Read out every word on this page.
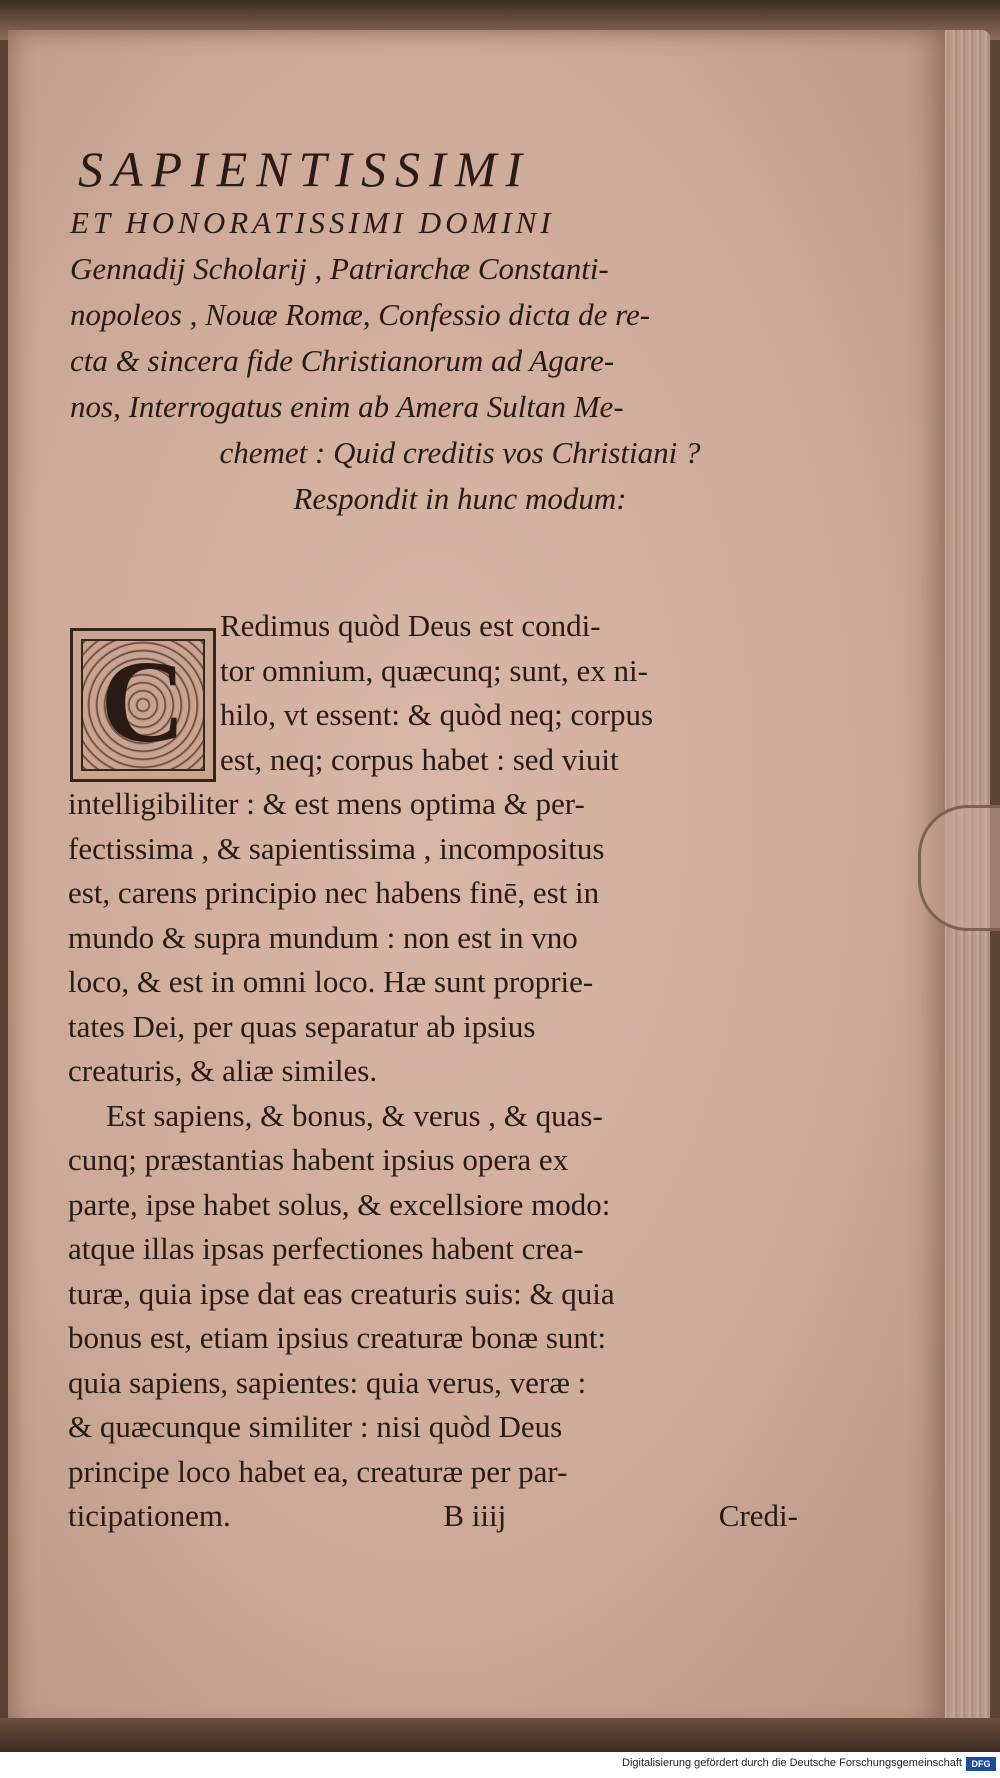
SAPIENTISSIMI

ET HONORATISSIMI DOMINI

Gennadij Scholarij , Patriarchæ Constanti-

nopoleos , Nouæ Romæ, Confessio dicta de re-

cta & sincera fide Christianorum ad Agare-

nos, Interrogatus enim ab Amera Sultan Me-

chemet : Quid creditis vos Christiani ?

Respondit in hunc modum:

C

Redimus quòd Deus est condi-

tor omnium, quæcunq; sunt, ex ni-

hilo, vt essent: & quòd neq; corpus

est, neq; corpus habet : sed viuit

intelligibiliter : & est mens optima & per-

fectissima , & sapientissima , incompositus

est, carens principio nec habens finē, est in

mundo & supra mundum : non est in vno

loco, & est in omni loco. Hæ sunt proprie-

tates Dei, per quas separatur ab ipsius

creaturis, & aliæ similes.

Est sapiens, & bonus, & verus , & quas-

cunq; præstantias habent ipsius opera ex

parte, ipse habet solus, & excellsiore modo:

atque illas ipsas perfectiones habent crea-

turæ, quia ipse dat eas creaturis suis: & quia

bonus est, etiam ipsius creaturæ bonæ sunt:

quia sapiens, sapientes: quia verus, veræ :

& quæcunque similiter : nisi quòd Deus

principe loco habet ea, creaturæ per par-

ticipationem.	B iiij	Credi-
Digitalisierung gefördert durch die Deutsche Forschungsgemeinschaft	DFG
